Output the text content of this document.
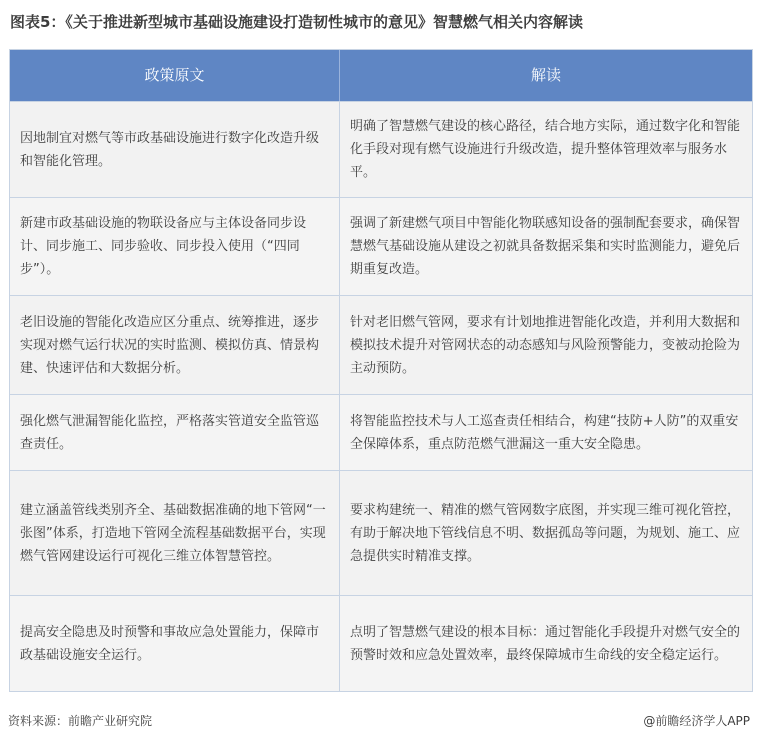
图表5：《关于推进新型城市基础设施建设打造韧性城市的意见》智慧燃气相关内容解读
政策原文	解读
因地制宜对燃气等市政基础设施进行数字化改造升级和智能化管理。
明确了智慧燃气建设的核心路径，结合地方实际，通过数字化和智能化手段对现有燃气设施进行升级改造，提升整体管理效率与服务水平。
新建市政基础设施的物联设备应与主体设备同步设计、同步施工、同步验收、同步投入使用（“四同步”）。
强调了新建燃气项目中智能化物联感知设备的强制配套要求，确保智慧燃气基础设施从建设之初就具备数据采集和实时监测能力，避免后期重复改造。
老旧设施的智能化改造应区分重点、统筹推进，逐步实现对燃气运行状况的实时监测、模拟仿真、情景构建、快速评估和大数据分析。
针对老旧燃气管网，要求有计划地推进智能化改造，并利用大数据和模拟技术提升对管网状态的动态感知与风险预警能力，变被动抢险为主动预防。
强化燃气泄漏智能化监控，严格落实管道安全监管巡查责任。
将智能监控技术与人工巡查责任相结合，构建“技防+人防”的双重安全保障体系，重点防范燃气泄漏这一重大安全隐患。
建立涵盖管线类别齐全、基础数据准确的地下管网“一张图”体系，打造地下管网全流程基础数据平台，实现燃气管网建设运行可视化三维立体智慧管控。
要求构建统一、精准的燃气管网数字底图，并实现三维可视化管控，有助于解决地下管线信息不明、数据孤岛等问题，为规划、施工、应急提供实时精准支撑。
提高安全隐患及时预警和事故应急处置能力，保障市政基础设施安全运行。
点明了智慧燃气建设的根本目标：通过智能化手段提升对燃气安全的预警时效和应急处置效率，最终保障城市生命线的安全稳定运行。
资料来源：前瞻产业研究院	@前瞻经济学人APP
